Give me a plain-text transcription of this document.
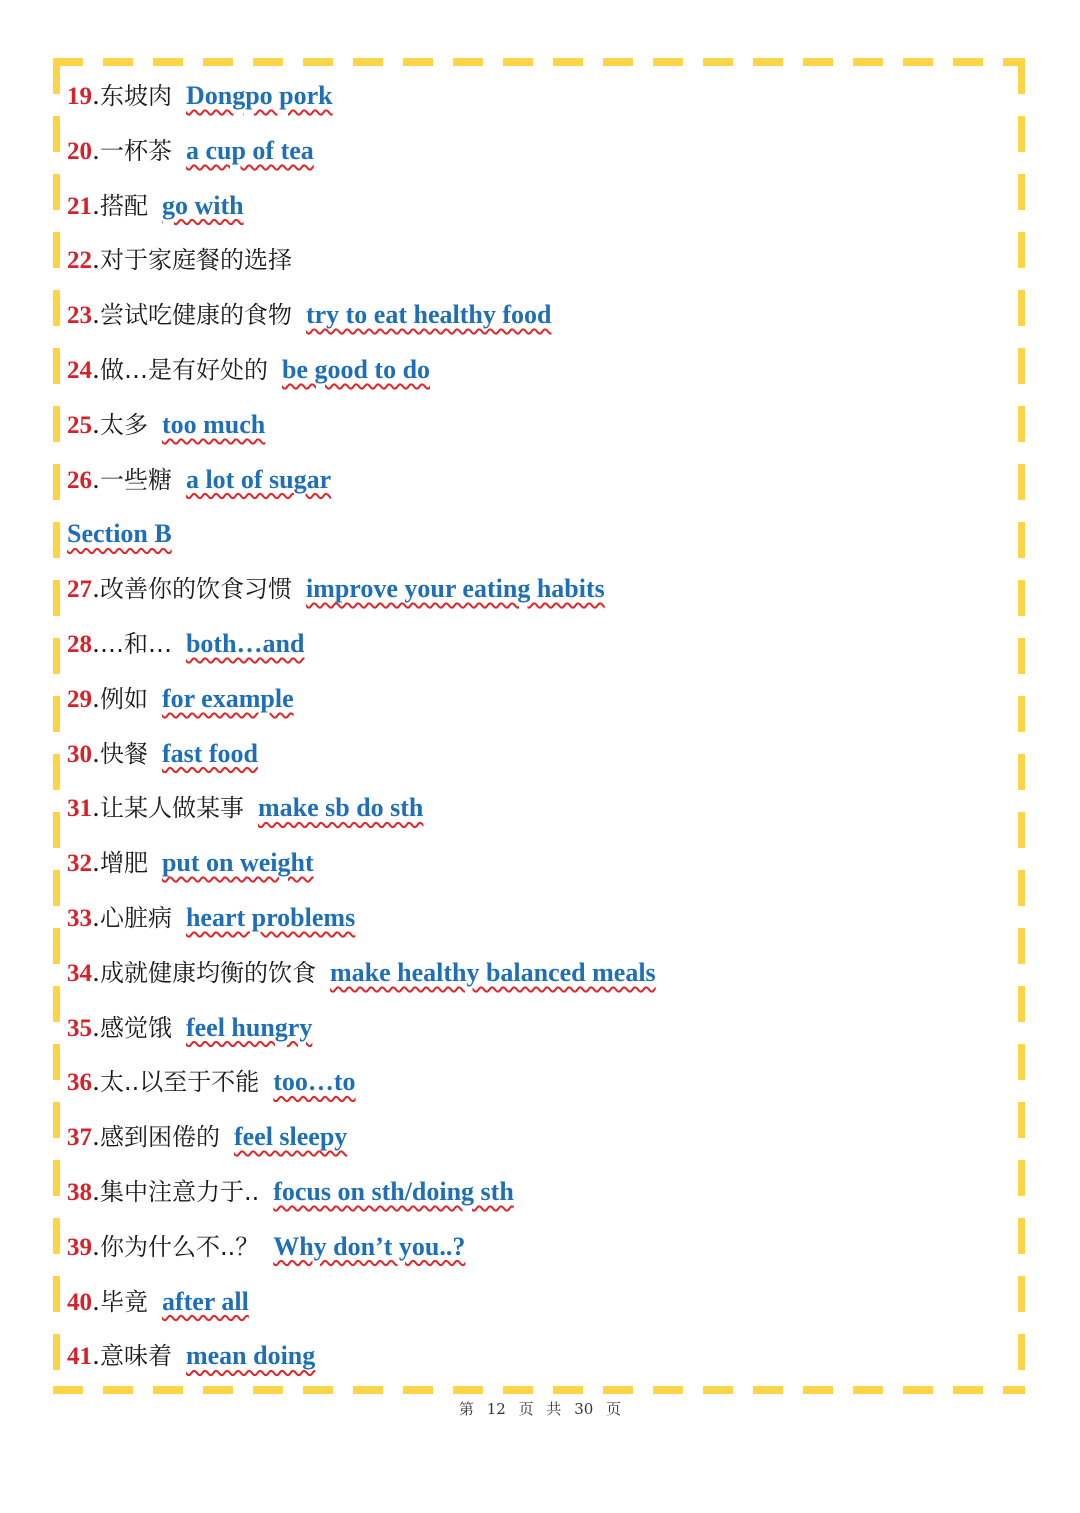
19.东坡肉 Dongpo pork
20.一杯茶 a cup of tea
21.搭配 go with
22.对于家庭餐的选择
23.尝试吃健康的食物 try to eat healthy food
24.做…是有好处的 be good to do
25.太多 too much
26.一些糖 a lot of sugar
Section B
27.改善你的饮食习惯 improve your eating habits
28.…和… both…and
29.例如 for example
30.快餐 fast food
31.让某人做某事 make sb do sth
32.增肥 put on weight
33.心脏病 heart problems
34.成就健康均衡的饮食 make healthy balanced meals
35.感觉饿 feel hungry
36.太..以至于不能 too…to
37.感到困倦的 feel sleepy
38.集中注意力于.. focus on sth/doing sth
39.你为什么不..？ Why don’t you..?
40.毕竟 after all
41.意味着 mean doing
第 12 页 共 30 页
